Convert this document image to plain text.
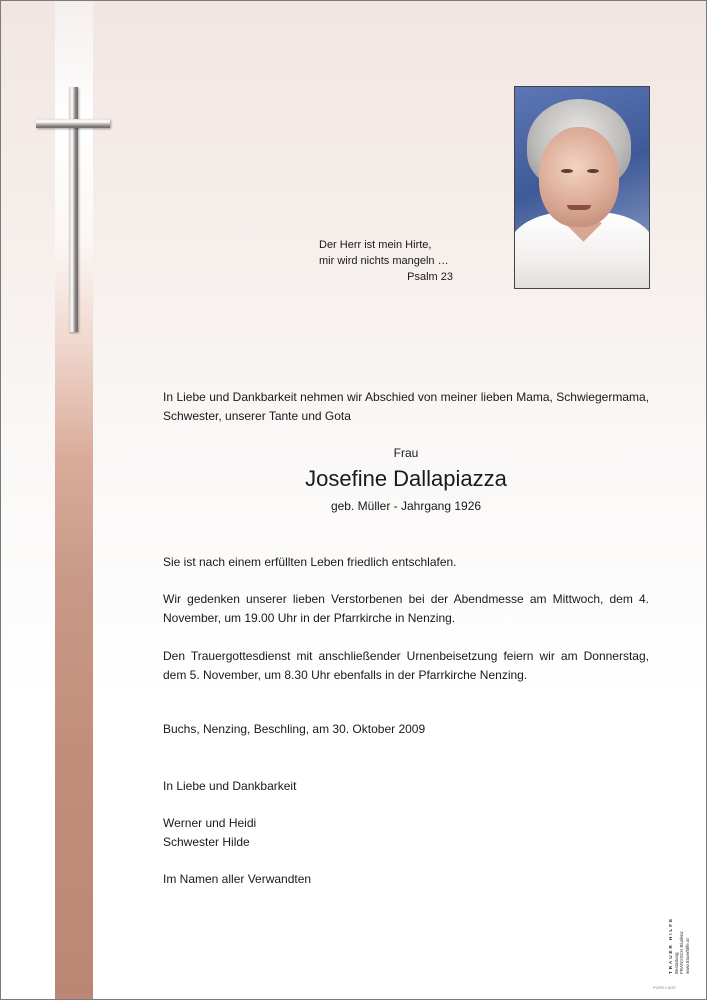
Der Herr ist mein Hirte,
mir wird nichts mangeln …
Psalm 23
In Liebe und Dankbarkeit nehmen wir Abschied von meiner lieben Mama, Schwiegermama, Schwester, unserer Tante und Gota
Frau
Josefine Dallapiazza
geb. Müller - Jahrgang 1926
Sie ist nach einem erfüllten Leben friedlich entschlafen.
Wir gedenken unserer lieben Verstorbenen bei der Abendmesse am Mittwoch, dem 4. November, um 19.00 Uhr in der Pfarrkirche in Nenzing.
Den Trauergottesdienst mit anschließender Urnenbeisetzung feiern wir am Donnerstag, dem 5. November, um 8.30 Uhr ebenfalls in der Pfarrkirche Nenzing.
Buchs, Nenzing, Beschling, am 30. Oktober 2009
In Liebe und Dankbarkeit
Werner und Heidi
Schwester Hilde
Im Namen aller Verwandten
TRAUER HILFE Bestattung FRANGSCH Bludenz www.trauerhilfe.at
PURE LNGF
